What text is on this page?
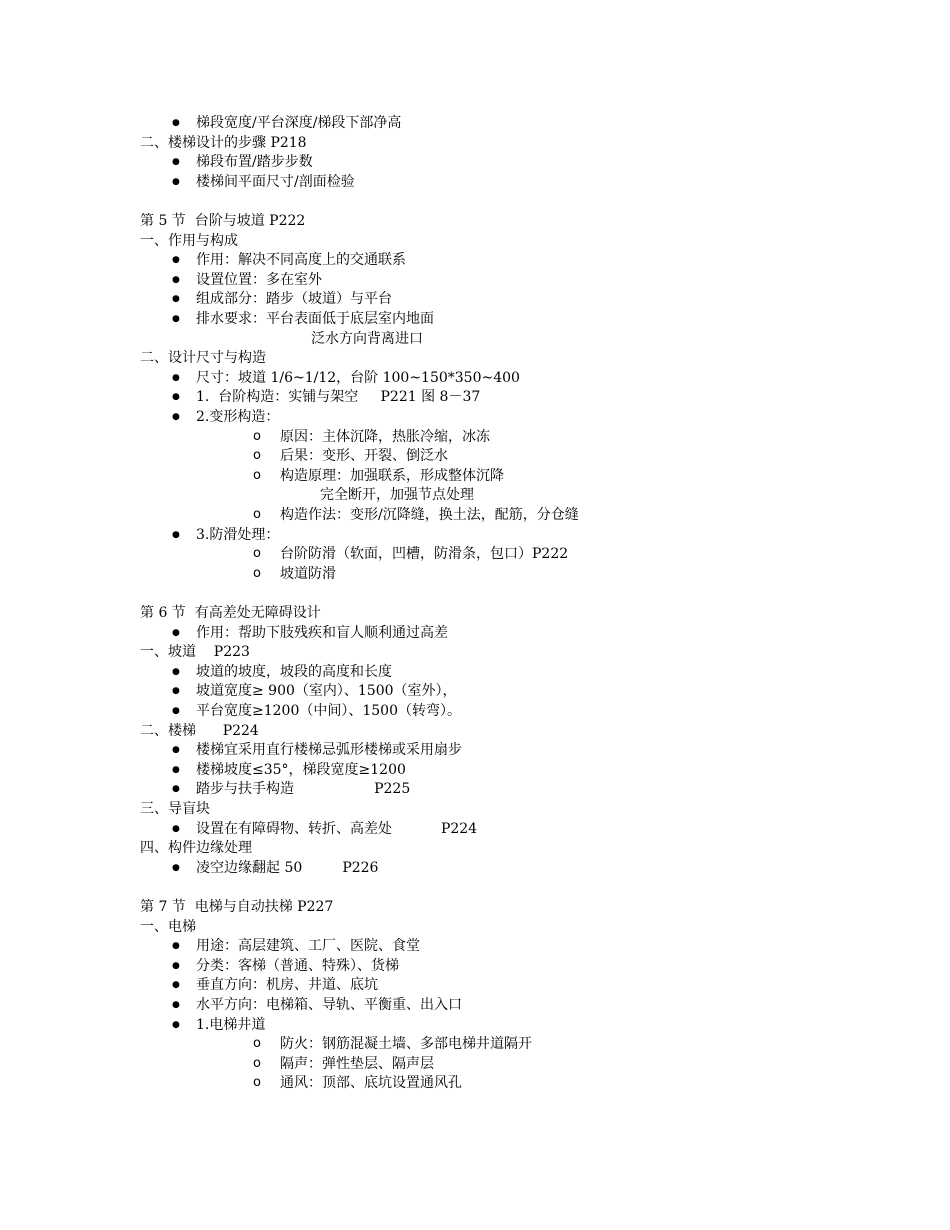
● 梯段宽度/平台深度/梯段下部净高
二、楼梯设计的步骤 P218
● 梯段布置/踏步步数
● 楼梯间平面尺寸/剖面检验
第 5 节  台阶与坡道 P222
一、作用与构成
● 作用：解决不同高度上的交通联系
● 设置位置：多在室外
● 组成部分：踏步（坡道）与平台
● 排水要求：平台表面低于底层室内地面
泛水方向背离进口
二、设计尺寸与构造
● 尺寸：坡道 1/6~1/12，台阶 100~150*350~400
● 1.  台阶构造：实铺与架空     P221 图 8－37
● 2.变形构造：
o 原因：主体沉降，热胀冷缩，冰冻
o 后果：变形、开裂、倒泛水
o 构造原理：加强联系，形成整体沉降
完全断开，加强节点处理
o 构造作法：变形/沉降缝，换土法，配筋，分仓缝
● 3.防滑处理：
o 台阶防滑（软面，凹槽，防滑条，包口）P222
o 坡道防滑
第 6 节  有高差处无障碍设计
● 作用：帮助下肢残疾和盲人顺利通过高差
一、坡道    P223
● 坡道的坡度，坡段的高度和长度
● 坡道宽度≥ 900（室内）、1500（室外），
● 平台宽度≥1200（中间）、1500（转弯）。
二、楼梯      P224
● 楼梯宜采用直行楼梯忌弧形楼梯或采用扇步
● 楼梯坡度≤35°，梯段宽度≥1200
● 踏步与扶手构造                  P225
三、导盲块
● 设置在有障碍物、转折、高差处           P224
四、构件边缘处理
● 凌空边缘翻起 50         P226
第 7 节  电梯与自动扶梯 P227
一、电梯
● 用途：高层建筑、工厂、医院、食堂
● 分类：客梯（普通、特殊）、货梯
● 垂直方向：机房、井道、底坑
● 水平方向：电梯箱、导轨、平衡重、出入口
● 1.电梯井道
o 防火：钢筋混凝土墙、多部电梯井道隔开
o 隔声：弹性垫层、隔声层
o 通风：顶部、底坑设置通风孔
